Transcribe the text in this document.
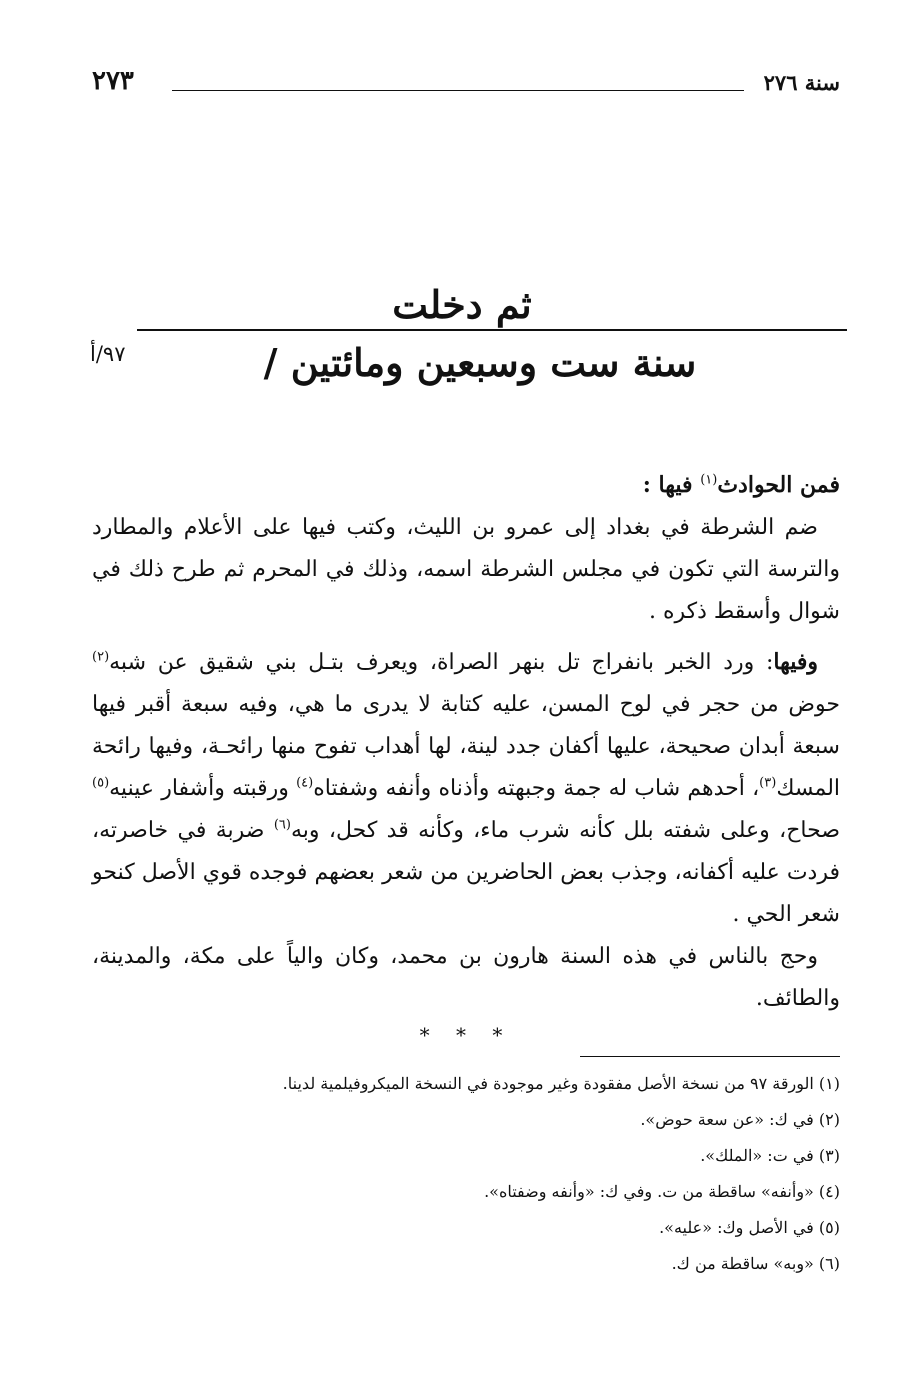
سنة ٢٧٦
٢٧٣
ثم دخلت
سنة ست وسبعين ومائتين /
٩٧/أ

فمن الحوادث$^{(١)}$ فيها :

ضم الشرطة في بغداد إلى عمرو بن الليث، وكتب فيها على الأعلام والمطارد والترسة التي تكون في مجلس الشرطة اسمه، وذلك في المحرم ثم طرح ذلك في شوال وأسقط ذكره .

وفيها: ورد الخبر بانفراج تل بنهر الصراة، ويعرف بتـل بني شقيق عن شبه$^{(٢)}$ حوض من حجر في لوح المسن، عليه كتابة لا يدرى ما هي، وفيه سبعة أقبر فيها سبعة أبدان صحيحة، عليها أكفان جدد لينة، لها أهداب تفوح منها رائحـة، وفيها رائحة المسك$^{(٣)}$، أحدهم شاب له جمة وجبهته وأذناه وأنفه وشفتاه$^{(٤)}$ ورقبته وأشفار عينيه$^{(٥)}$ صحاح، وعلى شفته بلل كأنه شرب ماء، وكأنه قد كحل، وبه$^{(٦)}$ ضربة في خاصرته، فردت عليه أكفانه، وجذب بعض الحاضرين من شعر بعضهم فوجده قوي الأصل كنحو شعر الحي .

وحج بالناس في هذه السنة هارون بن محمد، وكان والياً على مكة، والمدينة، والطائف.

* * *

(١) الورقة ٩٧ من نسخة الأصل مفقودة وغير موجودة في النسخة الميكروفيلمية لدينا.

(٢) في ك: «عن سعة حوض».

(٣) في ت: «الملك».

(٤) «وأنفه» ساقطة من ت. وفي ك: «وأنفه وضفتاه».

(٥) في الأصل وك: «عليه».

(٦) «وبه» ساقطة من ك.
